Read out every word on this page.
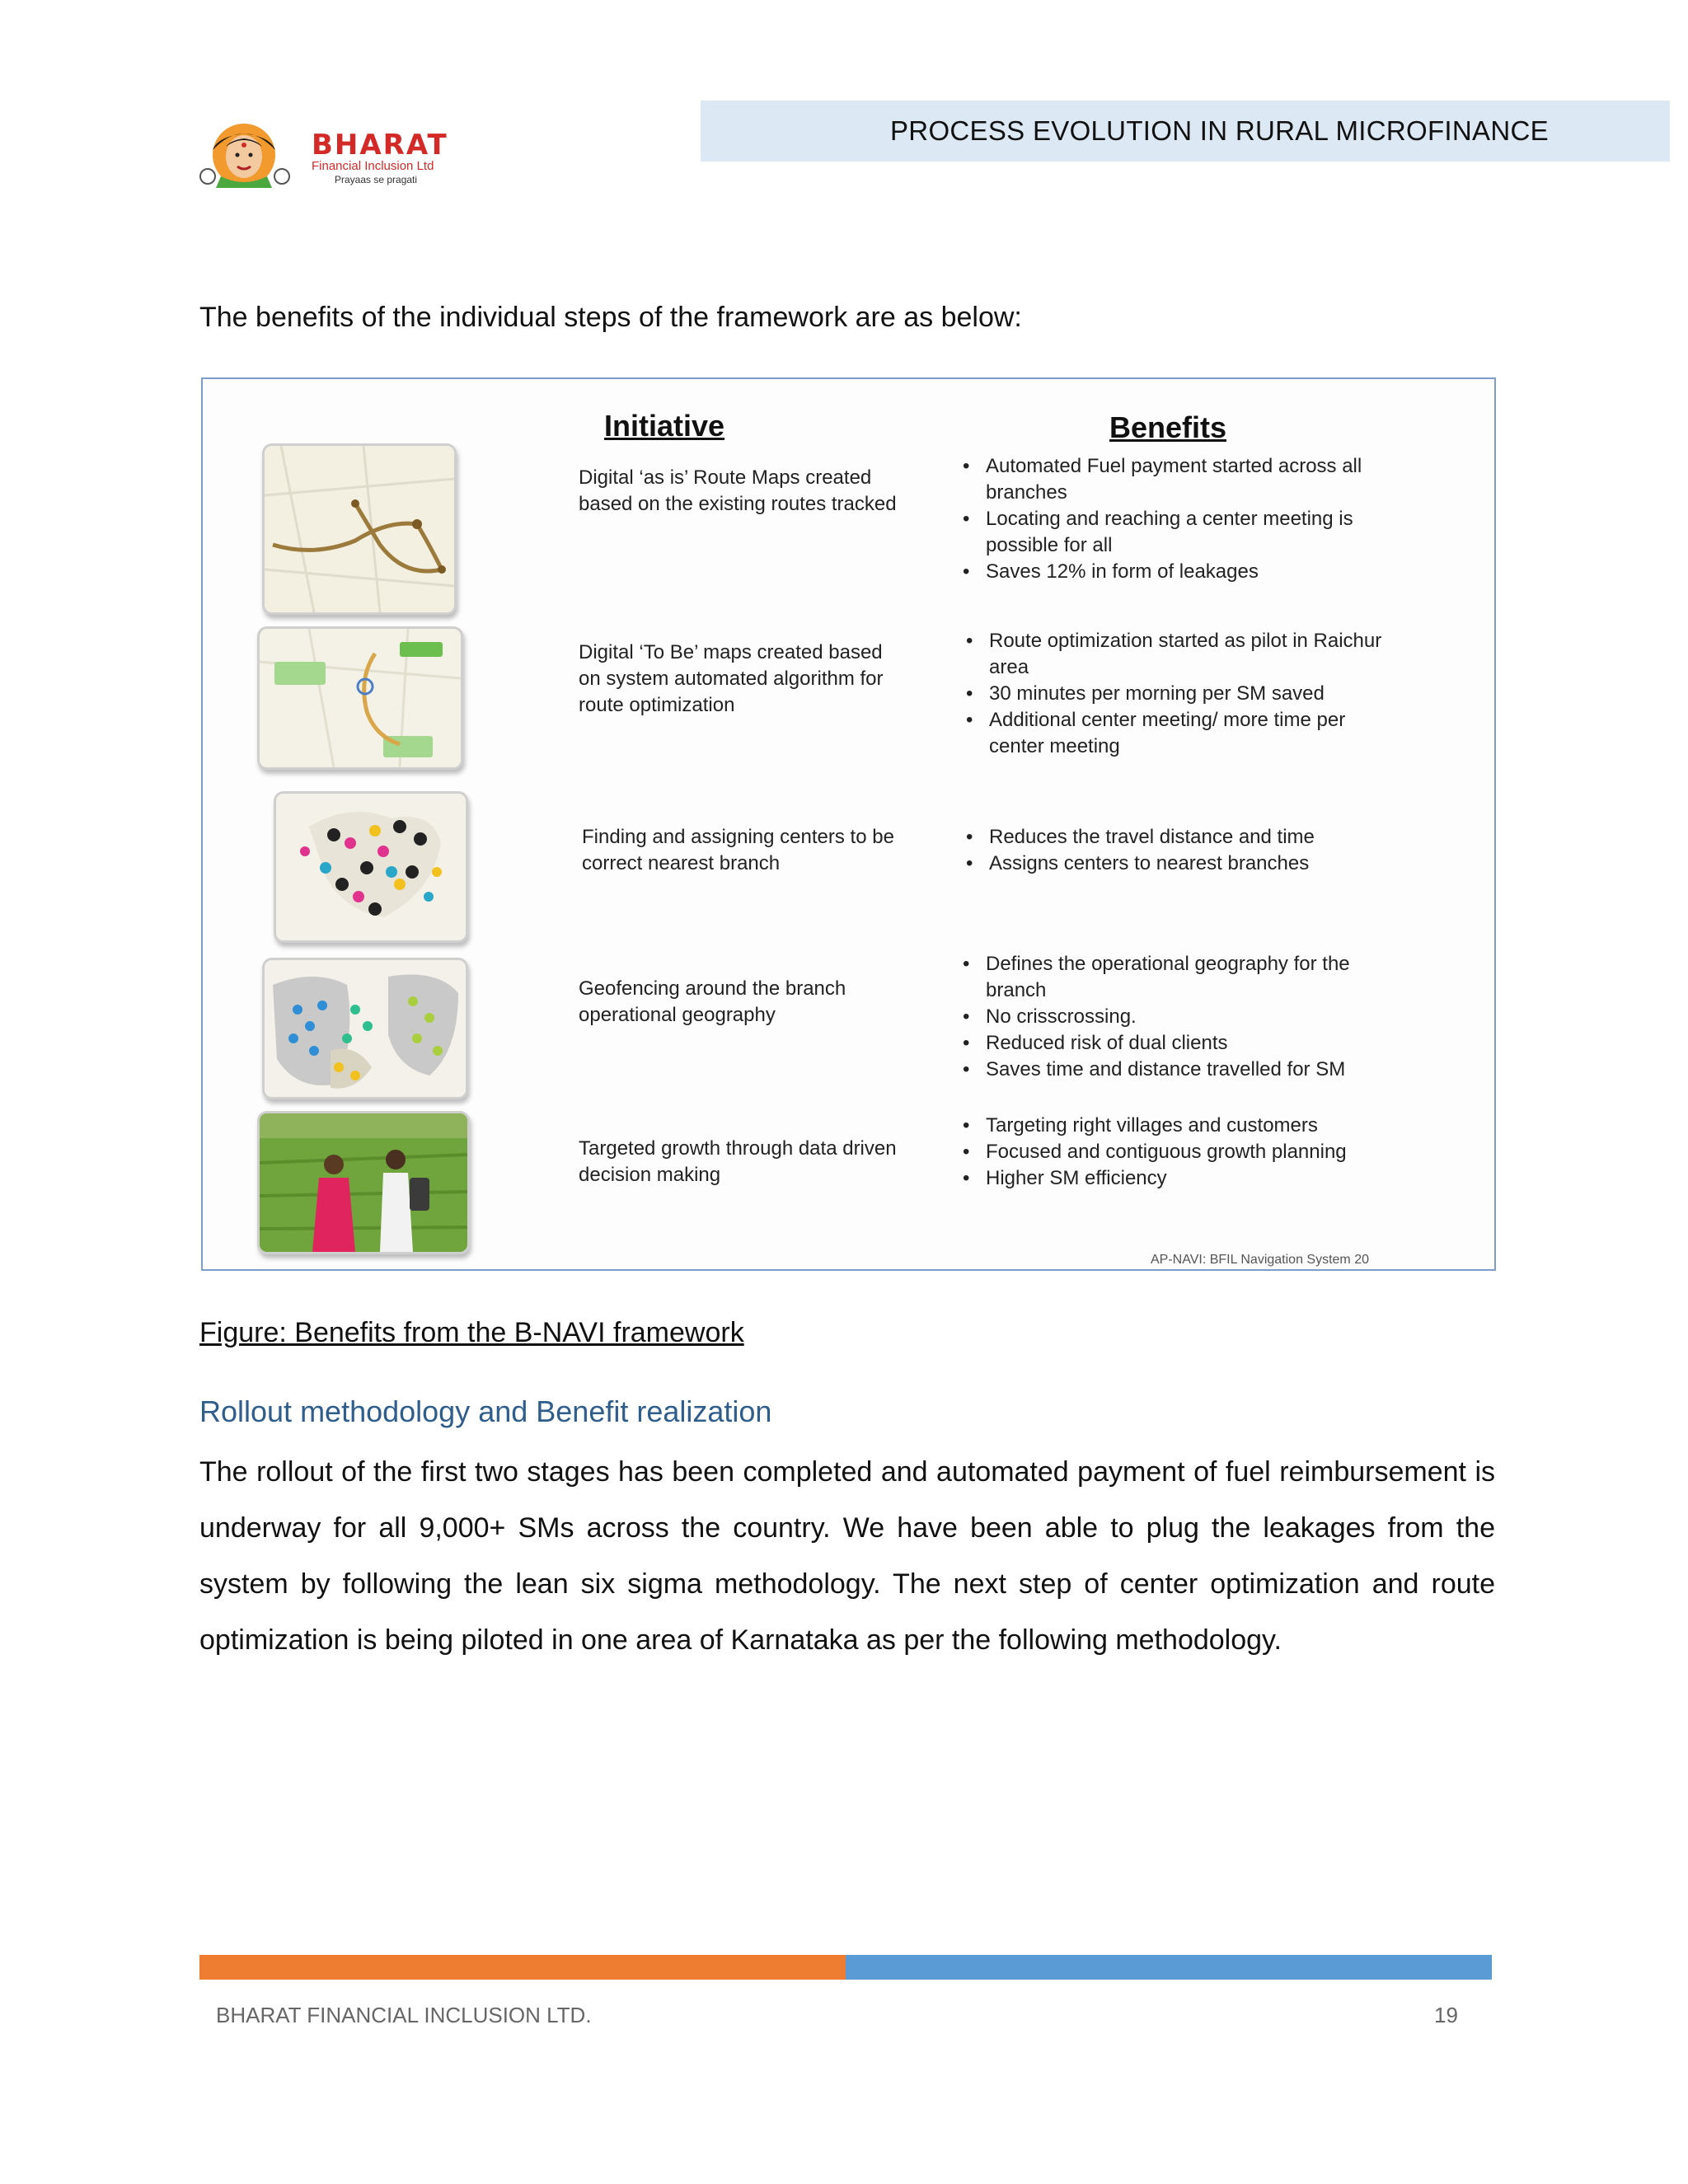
BHARAT
Financial Inclusion Ltd
Prayaas se pragati
PROCESS EVOLUTION IN RURAL MICROFINANCE
The benefits of the individual steps of the framework are as below:
Initiative	Benefits
Digital ‘as is’ Route Maps created based on the existing routes tracked
• Automated Fuel payment started across all branches
• Locating and reaching a center meeting is possible for all
• Saves 12% in form of leakages
Digital ‘To Be’ maps created based on system automated algorithm for route optimization
• Route optimization started as pilot in Raichur area
• 30 minutes per morning per SM saved
• Additional center meeting/ more time per center meeting
Finding and assigning centers to be correct nearest branch
• Reduces the travel distance and time
• Assigns centers to nearest branches
Geofencing around the branch operational geography
• Defines the operational geography for the branch
• No crisscrossing.
• Reduced risk of dual clients
• Saves time and distance travelled for SM
Targeted growth through data driven decision making
• Targeting right villages and customers
• Focused and contiguous growth planning
• Higher SM efficiency
AP-NAVI: BFIL Navigation System 20
Figure: Benefits from the B-NAVI framework
Rollout methodology and Benefit realization
The rollout of the first two stages has been completed and automated payment of fuel reimbursement is underway for all 9,000+ SMs across the country. We have been able to plug the leakages from the system by following the lean six sigma methodology. The next step of center optimization and route optimization is being piloted in one area of Karnataka as per the following methodology.
BHARAT FINANCIAL INCLUSION LTD.	19
